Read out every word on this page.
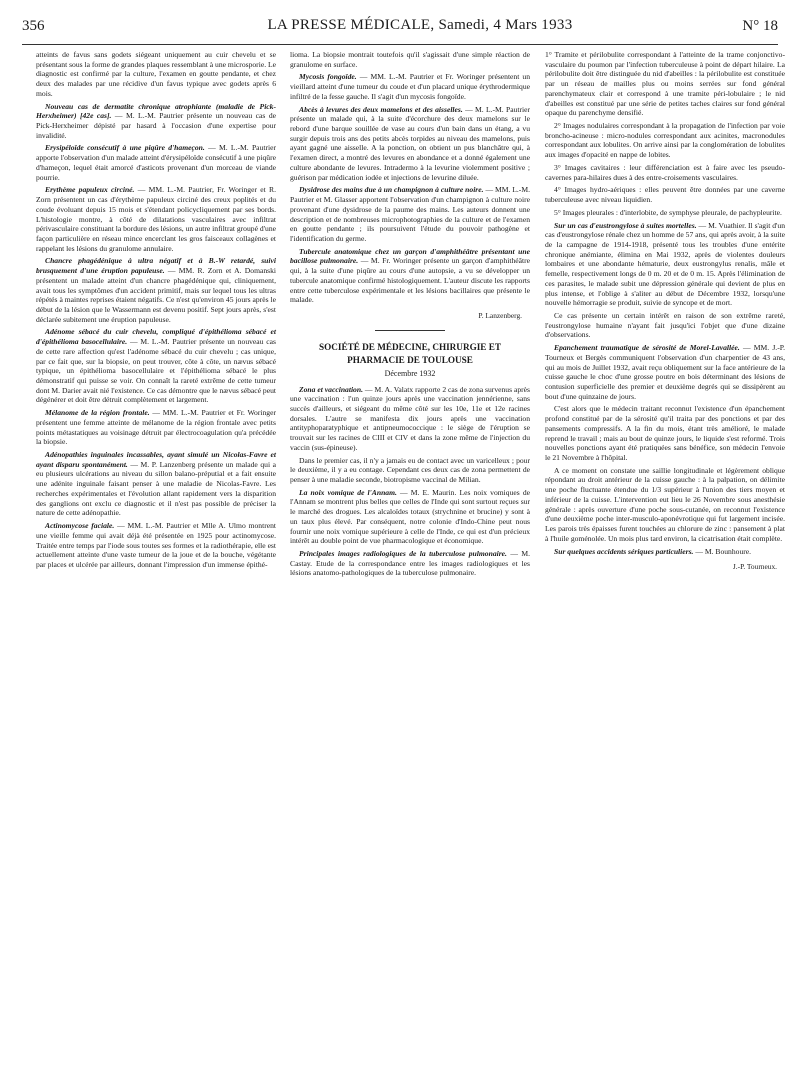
356	LA PRESSE MÉDICALE, Samedi, 4 Mars 1933	N° 18

atteints de favus sans godets siégeant uniquement au cuir chevelu et se présentant sous la forme de grandes plaques ressemblant à une microsporie. Le diagnostic est confirmé par la culture, l'examen en goutte pendante, et chez deux des malades par une récidive d'un favus typique avec godets après 6 mois.

Nouveau cas de dermatite chronique atrophiante (maladie de Pick-Herxheimer) [42e cas]. — M. L.-M. Pautrier présente un nouveau cas de Pick-Herxheimer dépisté par hasard à l'occasion d'une expertise pour invalidité.

Erysipéloïde consécutif à une piqûre d'hameçon. — M. L.-M. Pautrier apporte l'observation d'un malade atteint d'érysipéloïde consécutif à une piqûre d'hameçon, lequel était amorcé d'asticots provenant d'un morceau de viande pourrie.

Erythème papuleux circiné. — MM. L.-M. Pautrier, Fr. Woringer et R. Zorn présentent un cas d'érythème papuleux circiné des creux poplités et du coude évoluant depuis 15 mois et s'étendant policycliquement par ses bords. L'histologie montre, à côté de dilatations vasculaires avec infiltrat périvasculaire constituant la bordure des lésions, un autre infiltrat groupé d'une façon particulière en réseau mince encerclant les gros faisceaux collagènes et rappelant les lésions du granulome annulaire.

Chancre phagédénique à ultra négatif et à B.-W retardé, suivi brusquement d'une éruption papuleuse. — MM. R. Zorn et A. Domanski présentent un malade atteint d'un chancre phagédénique qui, cliniquement, avait tous les symptômes d'un accident primitif, mais sur lequel tous les ultras répétés à maintes reprises étaient négatifs. Ce n'est qu'environ 45 jours après le début de la lésion que le Wassermann est devenu positif. Sept jours après, s'est déclarée subitement une éruption papuleuse.

Adénome sébacé du cuir chevelu, compliqué d'épithélioma sébacé et d'épithélioma basocellulaire. — M. L.-M. Pautrier présente un nouveau cas de cette rare affection qu'est l'adénome sébacé du cuir chevelu ; cas unique, par ce fait que, sur la biopsie, on peut trouver, côte à côte, un nævus sébacé typique, un épithélioma basocellulaire et l'épithélioma sébacé le plus démonstratif qui puisse se voir. On connaît la rareté extrême de cette tumeur dont M. Darier avait nié l'existence. Ce cas démontre que le nævus sébacé peut dégénérer et doit être détruit complètement et largement.

Mélanome de la région frontale. — MM. L.-M. Pautrier et Fr. Woringer présentent une femme atteinte de mélanome de la région frontale avec petits points métastatiques au voisinage détruit par électrocoagulation qu'a précédée la biopsie.

Adénopathies inguinales incassables, ayant simulé un Nicolas-Favre et ayant disparu spontanément. — M. P. Lanzenberg présente un malade qui a eu plusieurs ulcérations au niveau du sillon balano-préputial et a fait ensuite une adénite inguinale faisant penser à une maladie de Nicolas-Favre. Les recherches expérimentales et l'évolution allant rapidement vers la disparition des ganglions ont exclu ce diagnostic et il n'est pas possible de préciser la nature de cette adénopathie.

Actinomycose faciale. — MM. L.-M. Pautrier et Mlle A. Ulmo montrent une vieille femme qui avait déjà été présentée en 1925 pour actinomycose. Traitée entre temps par l'iode sous toutes ses formes et la radiothérapie, elle est actuellement atteinte d'une vaste tumeur de la joue et de la bouche, végétante par places et ulcérée par ailleurs, donnant l'impression d'un immense épithé-

lioma. La biopsie montrait toutefois qu'il s'agissait d'une simple réaction de granulome en surface.

Mycosis fongoïde. — MM. L.-M. Pautrier et Fr. Woringer présentent un vieillard atteint d'une tumeur du coude et d'un placard unique érythrodermique infiltré de la fesse gauche. Il s'agit d'un mycosis fongoïde.

Abcès à levures des deux mamelons et des aisselles. — M. L.-M. Pautrier présente un malade qui, à la suite d'écorchure des deux mamelons sur le rebord d'une barque souillée de vase au cours d'un bain dans un étang, a vu surgir depuis trois ans des petits abcès torpides au niveau des mamelons, puis ayant gagné une aisselle. A la ponction, on obtient un pus blanchâtre qui, à l'examen direct, a montré des levures en abondance et a donné également une culture abondante de levures. Intradermo à la levurine violemment positive ; guérison par médication iodée et injections de levurine diluée.

Dysidrose des mains due à un champignon à culture noire. — MM. L.-M. Pautrier et M. Glasser apportent l'observation d'un champignon à culture noire provenant d'une dysidrose de la paume des mains. Les auteurs donnent une description et de nombreuses microphotographies de la culture et de l'examen en goutte pendante ; ils poursuivent l'étude du pouvoir pathogène et l'identification du germe.

Tubercule anatomique chez un garçon d'amphithéâtre présentant une bacillose pulmonaire. — M. Fr. Woringer présente un garçon d'amphithéâtre qui, à la suite d'une piqûre au cours d'une autopsie, a vu se développer un tubercule anatomique confirmé histologiquement. L'auteur discute les rapports entre cette tuberculose expérimentale et les lésions bacillaires que présente le malade.

P. Lanzenberg.

SOCIÉTÉ DE MÉDECINE, CHIRURGIE ET PHARMACIE DE TOULOUSE
Décembre 1932

Zona et vaccination. — M. A. Valatx rapporte 2 cas de zona survenus après une vaccination : l'un quinze jours après une vaccination jennérienne, sans succès d'ailleurs, et siégeant du même côté sur les 10e, 11e et 12e racines dorsales. L'autre se manifesta dix jours après une vaccination antityphoparatyphique et antipneumococcique : le siège de l'éruption se trouvait sur les racines de CIII et CIV et dans la zone même de l'injection du vaccin (sus-épineuse).

Dans le premier cas, il n'y a jamais eu de contact avec un varicelleux ; pour le deuxième, il y a eu contage. Cependant ces deux cas de zona permettent de penser à une maladie seconde, biotropisme vaccinal de Milian.

La noix vomique de l'Annam. — M. E. Maurin. Les noix vomiques de l'Annam se montrent plus belles que celles de l'Inde qui sont surtout reçues sur le marché des drogues. Les alcaloïdes totaux (strychnine et brucine) y sont à un taux plus élevé. Par conséquent, notre colonie d'Indo-Chine peut nous fournir une noix vomique supérieure à celle de l'Inde, ce qui est d'un précieux intérêt au double point de vue pharmacologique et économique.

Principales images radiologiques de la tuberculose pulmonaire. — M. Castay. Etude de la correspondance entre les images radiologiques et les lésions anatomo-pathologiques de la tuberculose pulmonaire.

1° Tramite et périlobulite correspondant à l'atteinte de la trame conjonctivo-vasculaire du poumon par l'infection tuberculeuse à point de départ hilaire. La périlobulite doit être distinguée du nid d'abeilles : la périlobulite est constituée par un réseau de mailles plus ou moins serrées sur fond général parenchymateux clair et correspond à une tramite péri-lobulaire ; le nid d'abeilles est constitué par une série de petites taches claires sur fond général opaque du parenchyme densifié.

2° Images nodulaires correspondant à la propagation de l'infection par voie broncho-acineuse : micro-nodules correspondant aux acinites, macronodules correspondant aux lobulites. On arrive ainsi par la conglomération de lobulites aux images d'opacité en nappe de lobites.

3° Images cavitaires : leur différenciation est à faire avec les pseudo-cavernes para-hilaires dues à des entre-croisements vasculaires.

4° Images hydro-aériques : elles peuvent être données par une caverne tuberculeuse avec niveau liquidien.

5° Images pleurales : d'interlobite, de symphyse pleurale, de pachypleurite.

Sur un cas d'eustrongylose à suites mortelles. — M. Vuathier. Il s'agit d'un cas d'eustrongylose rénale chez un homme de 57 ans, qui après avoir, à la suite de la campagne de 1914-1918, présenté tous les troubles d'une entérite chronique anémiante, élimina en Mai 1932, après de violentes douleurs lombaires et une abondante hématurie, deux eustrongylus renalis, mâle et femelle, respectivement longs de 0 m. 20 et de 0 m. 15. Après l'élimination de ces parasites, le malade subit une dépression générale qui devient de plus en plus intense, et l'oblige à s'aliter au début de Décembre 1932, lorsqu'une nouvelle hémorragie se produit, suivie de syncope et de mort.

Ce cas présente un certain intérêt en raison de son extrême rareté, l'eustrongylose humaine n'ayant fait jusqu'ici l'objet que d'une dizaine d'observations.

Epanchement traumatique de sérosité de Morel-Lavallée. — MM. J.-P. Tourneux et Bergès communiquent l'observation d'un charpentier de 43 ans, qui au mois de Juillet 1932, avait reçu obliquement sur la face antérieure de la cuisse gauche le choc d'une grosse poutre en bois déterminant des lésions de contusion superficielle des premier et deuxième degrés qui se dissipèrent au bout d'une quinzaine de jours.

C'est alors que le médecin traitant reconnut l'existence d'un épanchement profond constitué par de la sérosité qu'il traita par des ponctions et par des pansements compressifs. A la fin du mois, étant très amélioré, le malade reprend le travail ; mais au bout de quinze jours, le liquide s'est reformé. Trois nouvelles ponctions ayant été pratiquées sans bénéfice, son médecin l'envoie le 21 Novembre à l'hôpital.

A ce moment on constate une saillie longitudinale et légèrement oblique répondant au droit antérieur de la cuisse gauche : à la palpation, on délimite une poche fluctuante étendue du 1/3 supérieur à l'union des tiers moyen et inférieur de la cuisse. L'intervention eut lieu le 26 Novembre sous anesthésie générale : après ouverture d'une poche sous-cutanée, on reconnut l'existence d'une deuxième poche inter-musculo-aponévrotique qui fut largement incisée. Les parois très épaisses furent touchées au chlorure de zinc : pansement à plat à l'huile goménolée. Un mois plus tard environ, la cicatrisation était complète.

Sur quelques accidents sériques particuliers. — M. Bounhoure.

J.-P. Tourneux.
